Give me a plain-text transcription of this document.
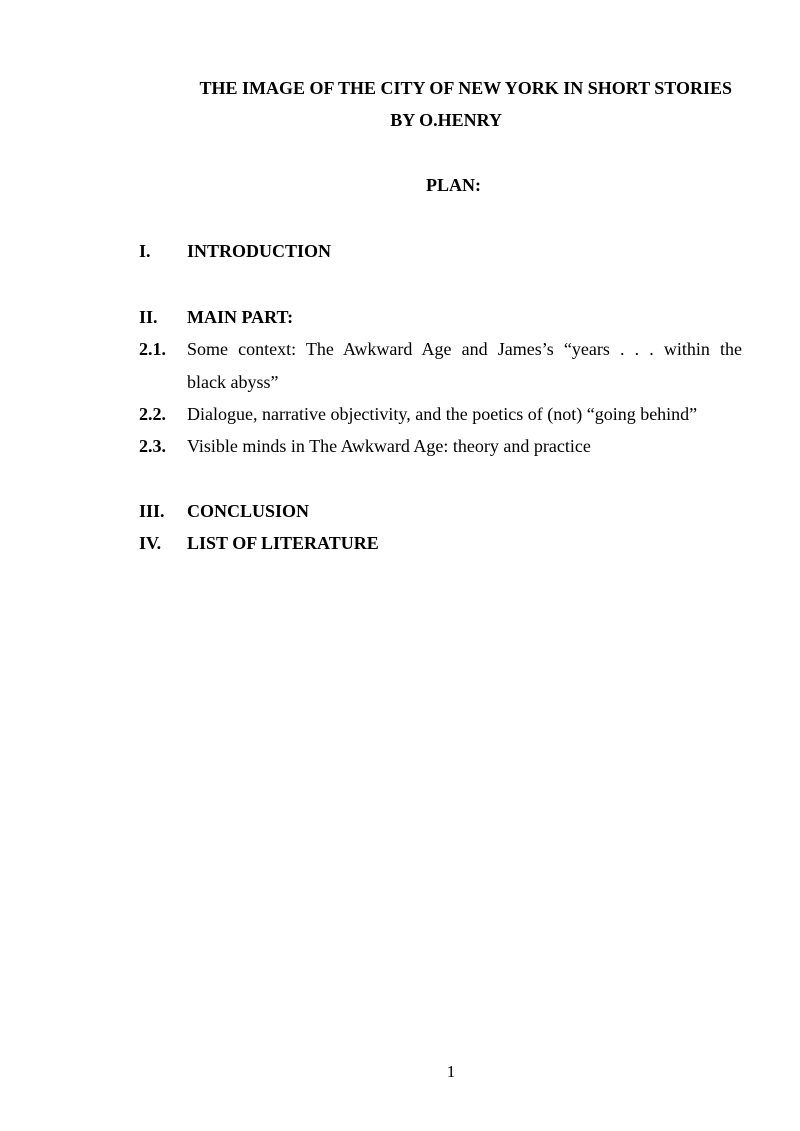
THE IMAGE OF THE CITY OF NEW YORK IN SHORT STORIES
BY O.HENRY
PLAN:
I. INTRODUCTION
II. MAIN PART:
2.1. Some context: The Awkward Age and James’s “years . . . within the
black abyss”
2.2. Dialogue, narrative objectivity, and the poetics of (not) “going behind”
2.3. Visible minds in The Awkward Age: theory and practice
III. CONCLUSION
IV. LIST OF LITERATURE
1
